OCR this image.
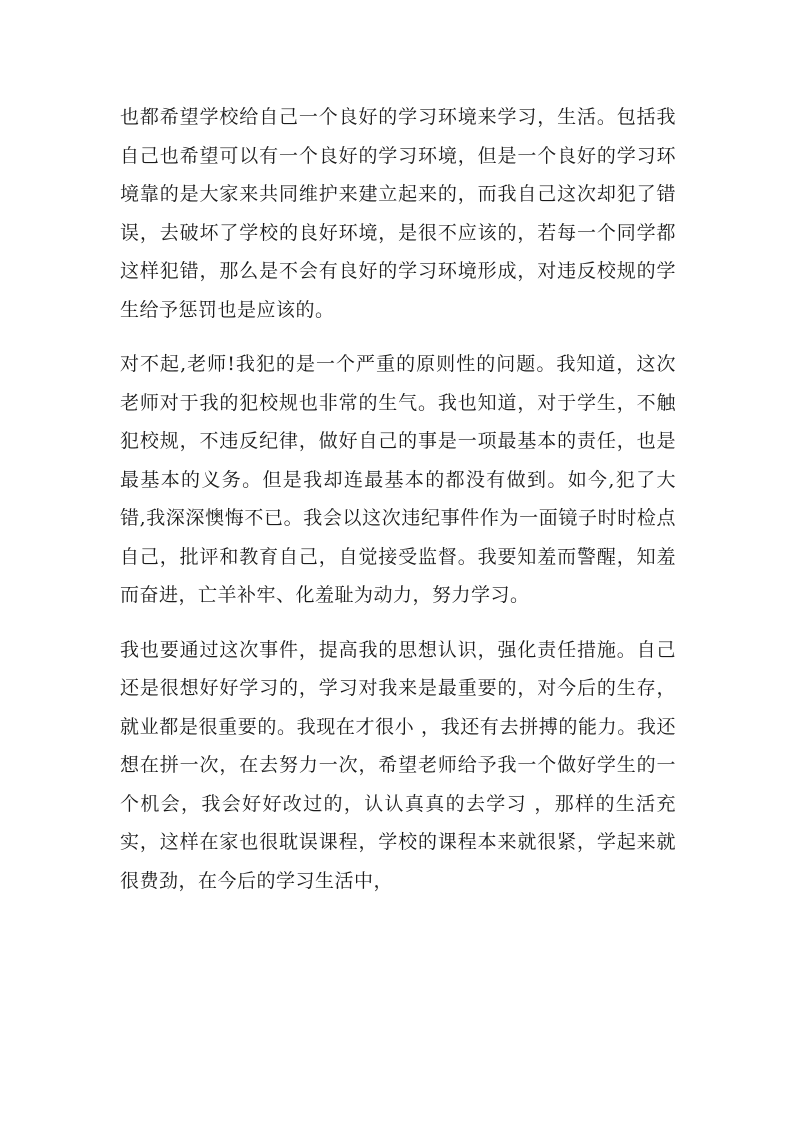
也都希望学校给自己一个良好的学习环境来学习，生活。包括我自己也希望可以有一个良好的学习环境，但是一个良好的学习环境靠的是大家来共同维护来建立起来的，而我自己这次却犯了错误，去破坏了学校的良好环境，是很不应该的，若每一个同学都这样犯错，那么是不会有良好的学习环境形成，对违反校规的学生给予惩罚也是应该的。

对不起,老师!我犯的是一个严重的原则性的问题。我知道，这次老师对于我的犯校规也非常的生气。我也知道，对于学生，不触犯校规，不违反纪律，做好自己的事是一项最基本的责任，也是最基本的义务。但是我却连最基本的都没有做到。如今,犯了大错,我深深懊悔不已。我会以这次违纪事件作为一面镜子时时检点自己，批评和教育自己，自觉接受监督。我要知羞而警醒，知羞而奋进，亡羊补牢、化羞耻为动力，努力学习。

我也要通过这次事件，提高我的思想认识，强化责任措施。自己还是很想好好学习的，学习对我来是最重要的，对今后的生存，就业都是很重要的。我现在才很小 ，我还有去拼搏的能力。我还想在拼一次，在去努力一次，希望老师给予我一个做好学生的一个机会，我会好好改过的，认认真真的去学习 ，那样的生活充实，这样在家也很耽误课程，学校的课程本来就很紧，学起来就很费劲，在今后的学习生活中，
